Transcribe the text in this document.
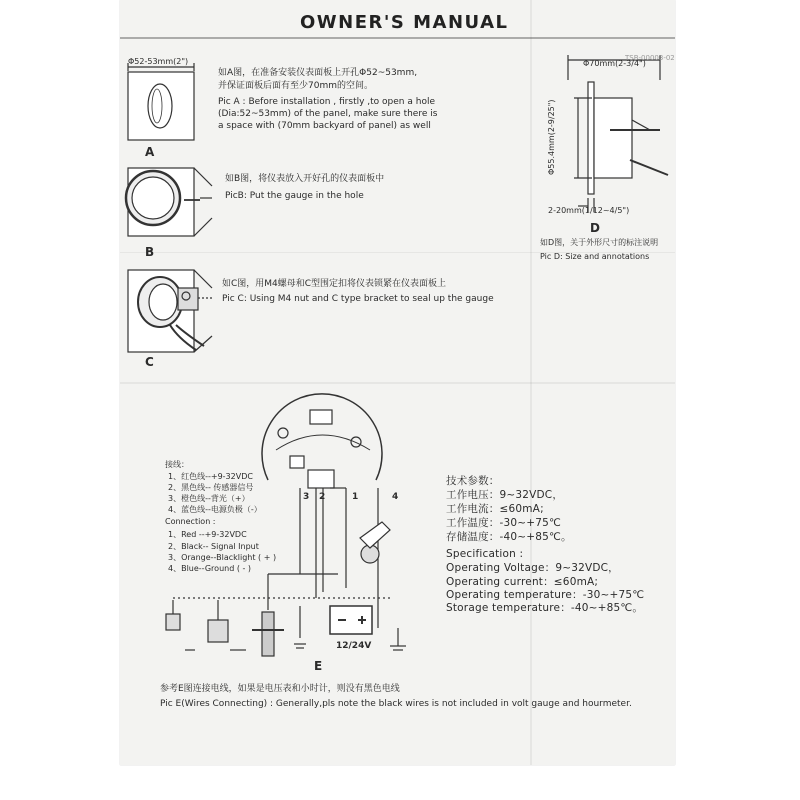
OWNER'S MANUAL
TSB-00003-02
Φ52-53mm(2")
如A图，在准备安装仪表面板上开孔Φ52~53mm,
并保证面板后面有至少70mm的空间。
Pic A : Before installation , firstly ,to open a hole
(Dia:52~53mm) of the panel, make sure there is
a space with (70mm backyard of panel) as well
A
如B图，将仪表放入开好孔的仪表面板中
PicB: Put the gauge in the hole
B
如C图，用M4螺母和C型围定扣将仪表锁紧在仪表面板上
Pic C: Using M4 nut and C type bracket to seal up the gauge
C
Φ70mm(2-3/4")
Φ55.4mm(2-9/25")
2-20mm(1/12~4/5")
D
如D图，关于外形尺寸的标注说明
Pic D: Size and annotations
接线：
1、红色线--+9-32VDC
2、黑色线-- 传感器信号
3、橙色线--背光（+）
4、蓝色线--电源负极（-）
Connection :
1、Red --+9-32VDC
2、Black-- Signal Input
3、Orange--Blacklight ( + )
4、Blue--Ground ( - )
3 2	1	4
12/24V
E
技术参数：
工作电压：9~32VDC，
工作电流：≤60mA;
工作温度：-30~+75℃
存储温度：-40~+85℃。
Specification :
Operating Voltage：9~32VDC，
Operating current：≤60mA;
Operating temperature：-30~+75℃
Storage temperature：-40~+85℃。
参考E图连接电线，如果是电压表和小时计，则没有黑色电线
Pic E(Wires Connecting) : Generally,pls note the black wires is not included in volt gauge and hourmeter.
